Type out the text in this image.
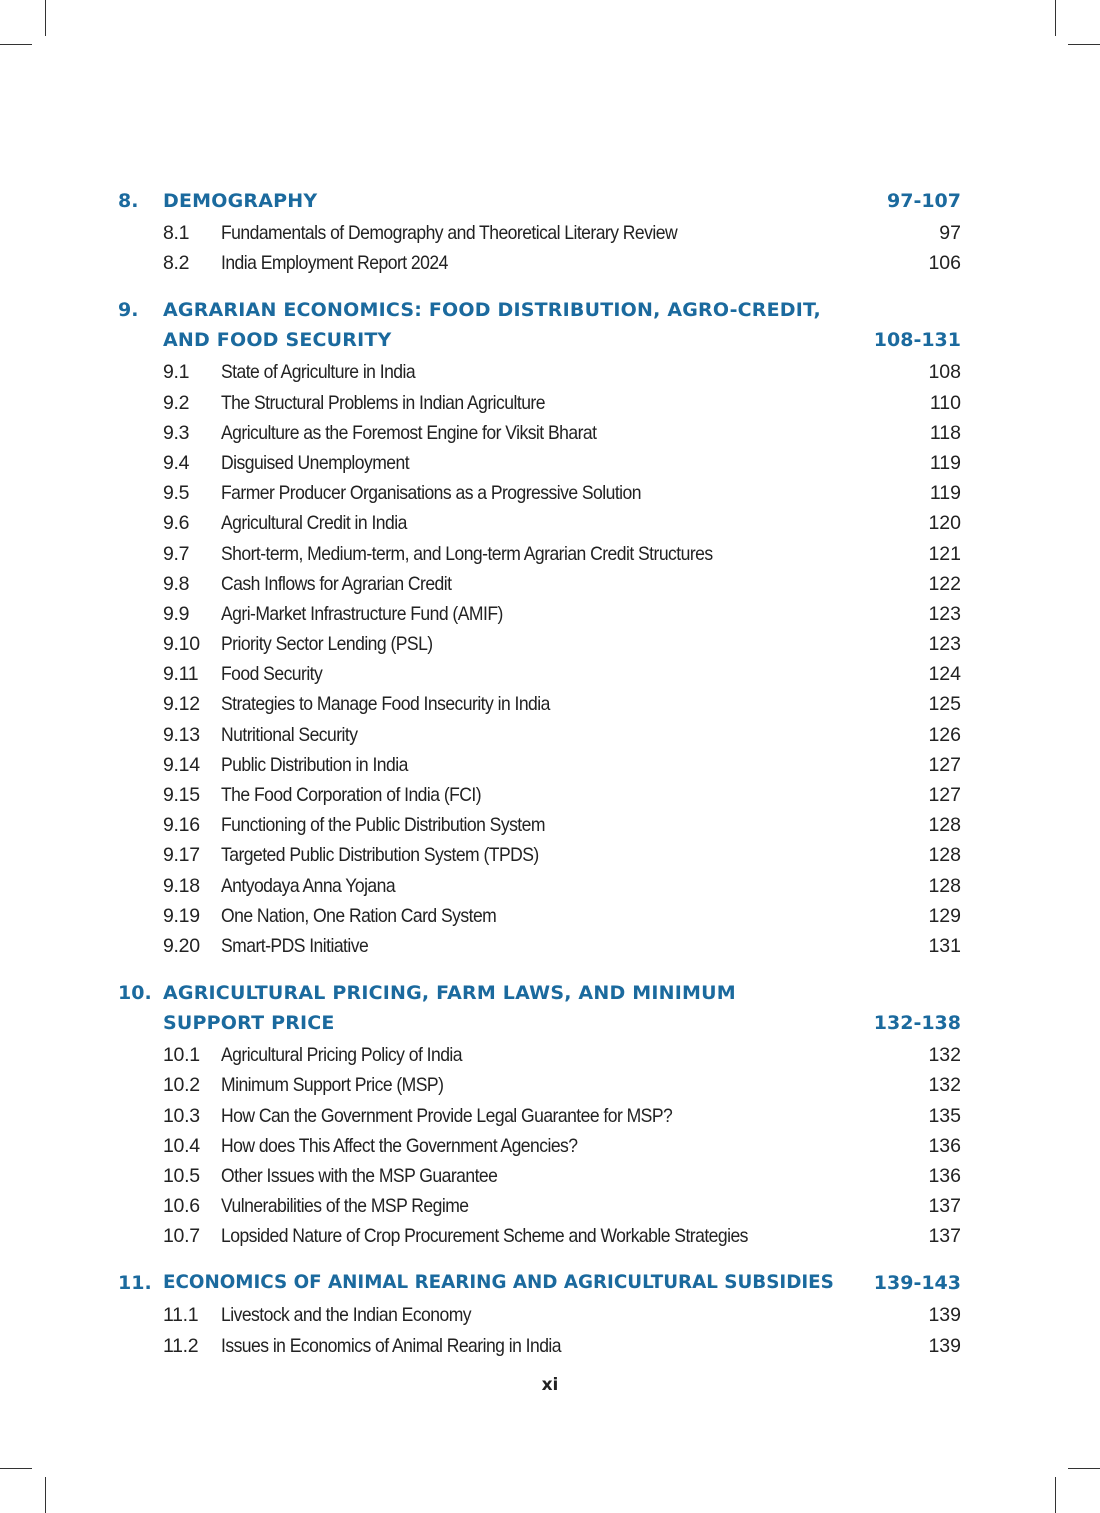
8.	DEMOGRAPHY	97-107
8.1	Fundamentals of Demography and Theoretical Literary Review	97
8.2	India Employment Report 2024	106
9.	AGRARIAN ECONOMICS: FOOD DISTRIBUTION, AGRO-CREDIT,
AND FOOD SECURITY	108-131
9.1	State of Agriculture in India	108
9.2	The Structural Problems in Indian Agriculture	110
9.3	Agriculture as the Foremost Engine for Viksit Bharat	118
9.4	Disguised Unemployment	119
9.5	Farmer Producer Organisations as a Progressive Solution	119
9.6	Agricultural Credit in India	120
9.7	Short-term, Medium-term, and Long-term Agrarian Credit Structures	121
9.8	Cash Inflows for Agrarian Credit	122
9.9	Agri-Market Infrastructure Fund (AMIF)	123
9.10	Priority Sector Lending (PSL)	123
9.11	Food Security	124
9.12	Strategies to Manage Food Insecurity in India	125
9.13	Nutritional Security	126
9.14	Public Distribution in India	127
9.15	The Food Corporation of India (FCI)	127
9.16	Functioning of the Public Distribution System	128
9.17	Targeted Public Distribution System (TPDS)	128
9.18	Antyodaya Anna Yojana	128
9.19	One Nation, One Ration Card System	129
9.20	Smart-PDS Initiative	131
10. AGRICULTURAL PRICING, FARM LAWS, AND MINIMUM
SUPPORT PRICE	132-138
10.1	Agricultural Pricing Policy of India	132
10.2	Minimum Support Price (MSP)	132
10.3	How Can the Government Provide Legal Guarantee for MSP?	135
10.4	How does This Affect the Government Agencies?	136
10.5	Other Issues with the MSP Guarantee	136
10.6	Vulnerabilities of the MSP Regime	137
10.7	Lopsided Nature of Crop Procurement Scheme and Workable Strategies	137
11. ECONOMICS OF ANIMAL REARING AND AGRICULTURAL SUBSIDIES	139-143
11.1	Livestock and the Indian Economy	139
11.2	Issues in Economics of Animal Rearing in India	139
xi
